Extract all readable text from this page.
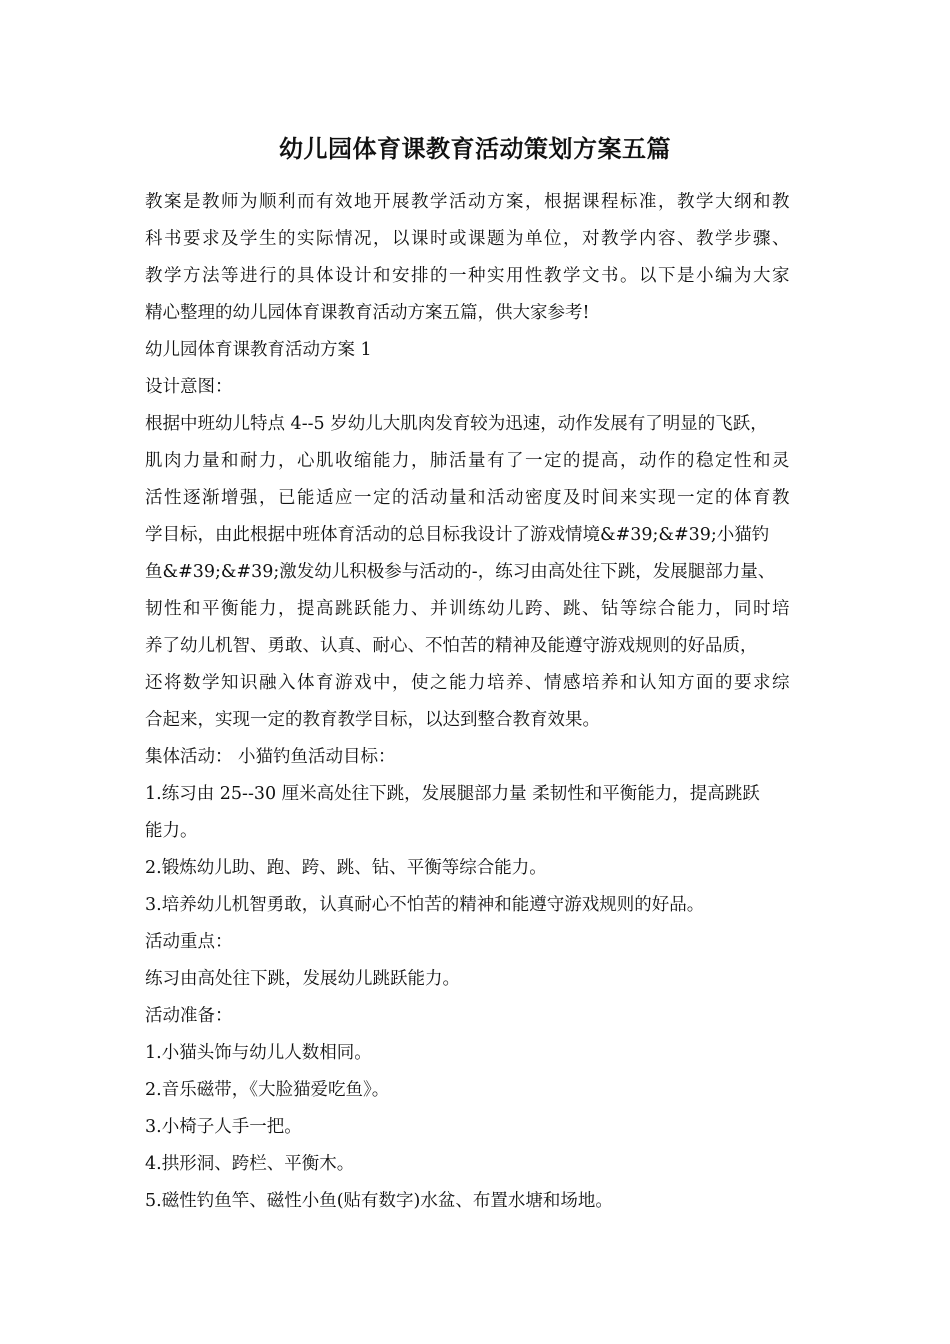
幼儿园体育课教育活动策划方案五篇
教案是教师为顺利而有效地开展教学活动方案，根据课程标准，教学大纲和教
科书要求及学生的实际情况，以课时或课题为单位，对教学内容、教学步骤、
教学方法等进行的具体设计和安排的一种实用性教学文书。以下是小编为大家
精心整理的幼儿园体育课教育活动方案五篇，供大家参考!
幼儿园体育课教育活动方案 1
设计意图：
根据中班幼儿特点 4--5 岁幼儿大肌肉发育较为迅速，动作发展有了明显的飞跃，
肌肉力量和耐力，心肌收缩能力，肺活量有了一定的提高，动作的稳定性和灵
活性逐渐增强，已能适应一定的活动量和活动密度及时间来实现一定的体育教
学目标，由此根据中班体育活动的总目标我设计了游戏情境&#39;&#39;小猫钓
鱼&#39;&#39;激发幼儿积极参与活动的-，练习由高处往下跳，发展腿部力量、
韧性和平衡能力，提高跳跃能力、并训练幼儿跨、跳、钻等综合能力，同时培
养了幼儿机智、勇敢、认真、耐心、不怕苦的精神及能遵守游戏规则的好品质，
还将数学知识融入体育游戏中，使之能力培养、情感培养和认知方面的要求综
合起来，实现一定的教育教学目标，以达到整合教育效果。
集体活动： 小猫钓鱼活动目标：
1.练习由 25--30 厘米高处往下跳，发展腿部力量 柔韧性和平衡能力，提高跳跃
能力。
2.锻炼幼儿助、跑、跨、跳、钻、平衡等综合能力。
3.培养幼儿机智勇敢，认真耐心不怕苦的精神和能遵守游戏规则的好品。
活动重点：
练习由高处往下跳，发展幼儿跳跃能力。
活动准备：
1.小猫头饰与幼儿人数相同。
2.音乐磁带，《大脸猫爱吃鱼》。
3.小椅子人手一把。
4.拱形洞、跨栏、平衡木。
5.磁性钓鱼竿、磁性小鱼(贴有数字)水盆、布置水塘和场地。
